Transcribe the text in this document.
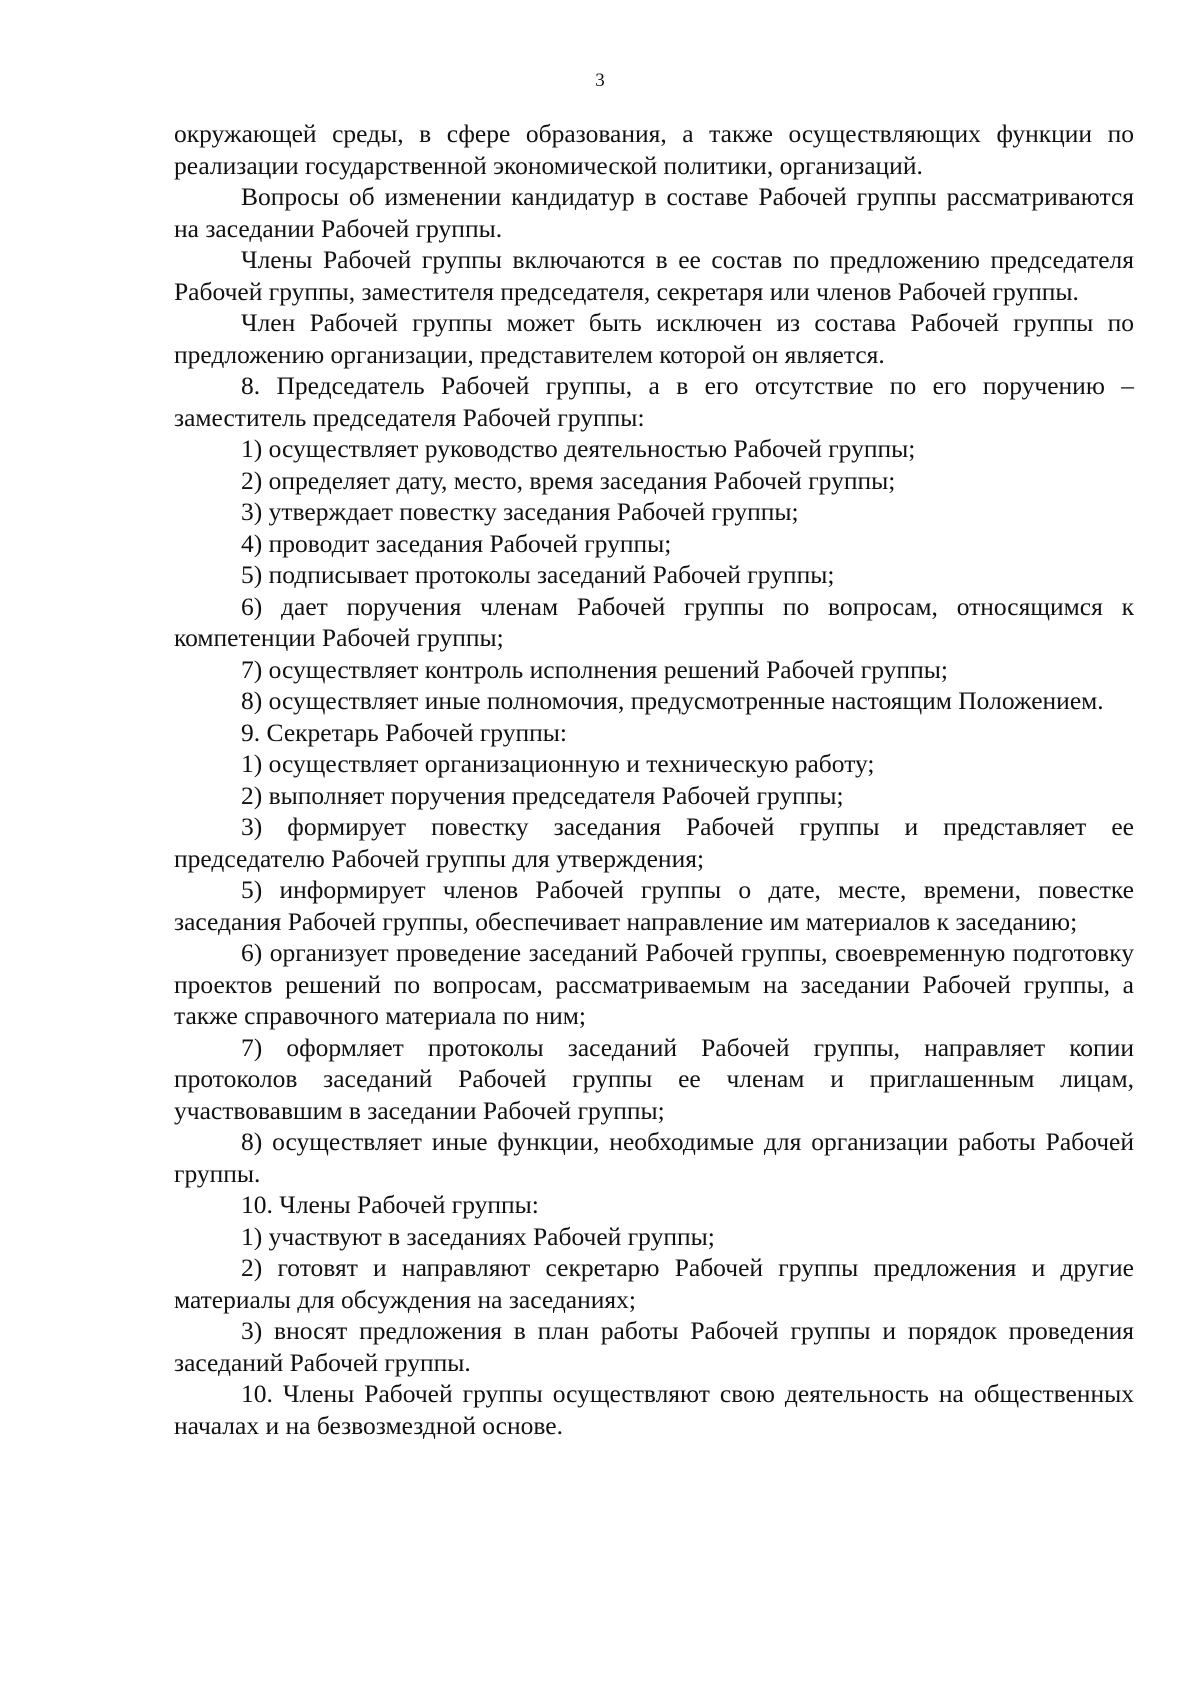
3

окружающей среды, в сфере образования, а также осуществляющих функции по реализации государственной экономической политики, организаций.

Вопросы об изменении кандидатур в составе Рабочей группы рассматриваются на заседании Рабочей группы.

Члены Рабочей группы включаются в ее состав по предложению председателя Рабочей группы, заместителя председателя, секретаря или членов Рабочей группы.

Член Рабочей группы может быть исключен из состава Рабочей группы по предложению организации, представителем которой он является.

8. Председатель Рабочей группы, а в его отсутствие по его поручению – заместитель председателя Рабочей группы:

1) осуществляет руководство деятельностью Рабочей группы;

2) определяет дату, место, время заседания Рабочей группы;

3) утверждает повестку заседания Рабочей группы;

4) проводит заседания Рабочей группы;

5) подписывает протоколы заседаний Рабочей группы;

6) дает поручения членам Рабочей группы по вопросам, относящимся к компетенции Рабочей группы;

7) осуществляет контроль исполнения решений Рабочей группы;

8) осуществляет иные полномочия, предусмотренные настоящим Положением.

9. Секретарь Рабочей группы:

1) осуществляет организационную и техническую работу;

2) выполняет поручения председателя Рабочей группы;

3) формирует повестку заседания Рабочей группы и представляет ее председателю Рабочей группы для утверждения;

5) информирует членов Рабочей группы о дате, месте, времени, повестке заседания Рабочей группы, обеспечивает направление им материалов к заседанию;

6) организует проведение заседаний Рабочей группы, своевременную подготовку проектов решений по вопросам, рассматриваемым на заседании Рабочей группы, а также справочного материала по ним;

7) оформляет протоколы заседаний Рабочей группы, направляет копии протоколов заседаний Рабочей группы ее членам и приглашенным лицам, участвовавшим в заседании Рабочей группы;

8) осуществляет иные функции, необходимые для организации работы Рабочей группы.

10. Члены Рабочей группы:

1) участвуют в заседаниях Рабочей группы;

2) готовят и направляют секретарю Рабочей группы предложения и другие материалы для обсуждения на заседаниях;

3) вносят предложения в план работы Рабочей группы и порядок проведения заседаний Рабочей группы.

10. Члены Рабочей группы осуществляют свою деятельность на общественных началах и на безвозмездной основе.
